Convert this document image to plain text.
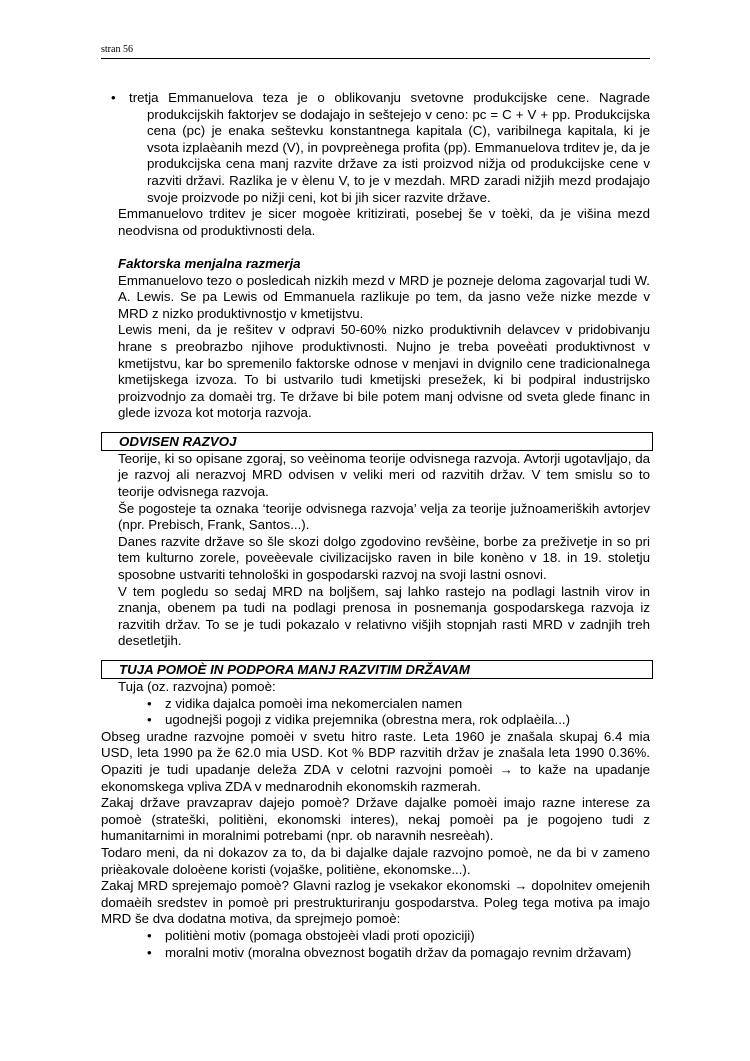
stran 56
• tretja Emmanuelova teza je o oblikovanju svetovne produkcijske cene. Nagrade produkcijskih faktorjev se dodajajo in seštejejo v ceno: pc = C + V + pp. Produkcijska cena (pc) je enaka seštevku konstantnega kapitala (C), varibilnega kapitala, ki je vsota izplaèanih mezd (V), in povpreènega profita (pp). Emmanuelova trditev je, da je produkcijska cena manj razvite države za isti proizvod nižja od produkcijske cene v razviti državi. Razlika je v èlenu V, to je v mezdah. MRD zaradi nižjih mezd prodajajo svoje proizvode po nižji ceni, kot bi jih sicer razvite države.

Emmanuelovo trditev je sicer mogoèe kritizirati, posebej še v toèki, da je višina mezd neodvisna od produktivnosti dela.

Faktorska menjalna razmerja

Emmanuelovo tezo o posledicah nizkih mezd v MRD je pozneje deloma zagovarjal tudi W. A. Lewis. Se pa Lewis od Emmanuela razlikuje po tem, da jasno veže nizke mezde v MRD z nizko produktivnostjo v kmetijstvu.

Lewis meni, da je rešitev v odpravi 50-60% nizko produktivnih delavcev v pridobivanju hrane s preobrazbo njihove produktivnosti. Nujno je treba poveèati produktivnost v kmetijstvu, kar bo spremenilo faktorske odnose v menjavi in dvignilo cene tradicionalnega kmetijskega izvoza. To bi ustvarilo tudi kmetijski presežek, ki bi podpiral industrijsko proizvodnjo za domaèi trg. Te države bi bile potem manj odvisne od sveta glede financ in glede izvoza kot motorja razvoja.

ODVISEN RAZVOJ

Teorije, ki so opisane zgoraj, so veèinoma teorije odvisnega razvoja. Avtorji ugotavljajo, da je razvoj ali nerazvoj MRD odvisen v veliki meri od razvitih držav. V tem smislu so to teorije odvisnega razvoja.

Še pogosteje ta oznaka ‘teorije odvisnega razvoja’ velja za teorije južnoameriških avtorjev (npr. Prebisch, Frank, Santos...).

Danes razvite države so šle skozi dolgo zgodovino revšèine, borbe za preživetje in so pri tem kulturno zorele, poveèevale civilizacijsko raven in bile konèno v 18. in 19. stoletju sposobne ustvariti tehnološki in gospodarski razvoj na svoji lastni osnovi.

V tem pogledu so sedaj MRD na boljšem, saj lahko rastejo na podlagi lastnih virov in znanja, obenem pa tudi na podlagi prenosa in posnemanja gospodarskega razvoja iz razvitih držav. To se je tudi pokazalo v relativno višjih stopnjah rasti MRD v zadnjih treh desetletjih.

TUJA POMOÈ IN PODPORA MANJ RAZVITIM DRŽAVAM

Tuja (oz. razvojna) pomoè:

• z vidika dajalca pomoèi ima nekomercialen namen

• ugodnejši pogoji z vidika prejemnika (obrestna mera, rok odplaèila...)

Obseg uradne razvojne pomoèi v svetu hitro raste. Leta 1960 je znašala skupaj 6.4 mia USD, leta 1990 pa že 62.0 mia USD. Kot % BDP razvitih držav je znašala leta 1990 0.36%. Opaziti je tudi upadanje deleža ZDA v celotni razvojni pomoèi → to kaže na upadanje ekonomskega vpliva ZDA v mednarodnih ekonomskih razmerah.

Zakaj države pravzaprav dajejo pomoè? Države dajalke pomoèi imajo razne interese za pomoè (strateški, politièni, ekonomski interes), nekaj pomoèi pa je pogojeno tudi z humanitarnimi in moralnimi potrebami (npr. ob naravnih nesreèah).

Todaro meni, da ni dokazov za to, da bi dajalke dajale razvojno pomoè, ne da bi v zameno prièakovale doloèene koristi (vojaške, politiène, ekonomske...).

Zakaj MRD sprejemajo pomoè? Glavni razlog je vsekakor ekonomski → dopolnitev omejenih domaèih sredstev in pomoè pri prestrukturiranju gospodarstva. Poleg tega motiva pa imajo MRD še dva dodatna motiva, da sprejmejo pomoè:

• politièni motiv (pomaga obstojeèi vladi proti opoziciji)

• moralni motiv (moralna obveznost bogatih držav da pomagajo revnim državam)
